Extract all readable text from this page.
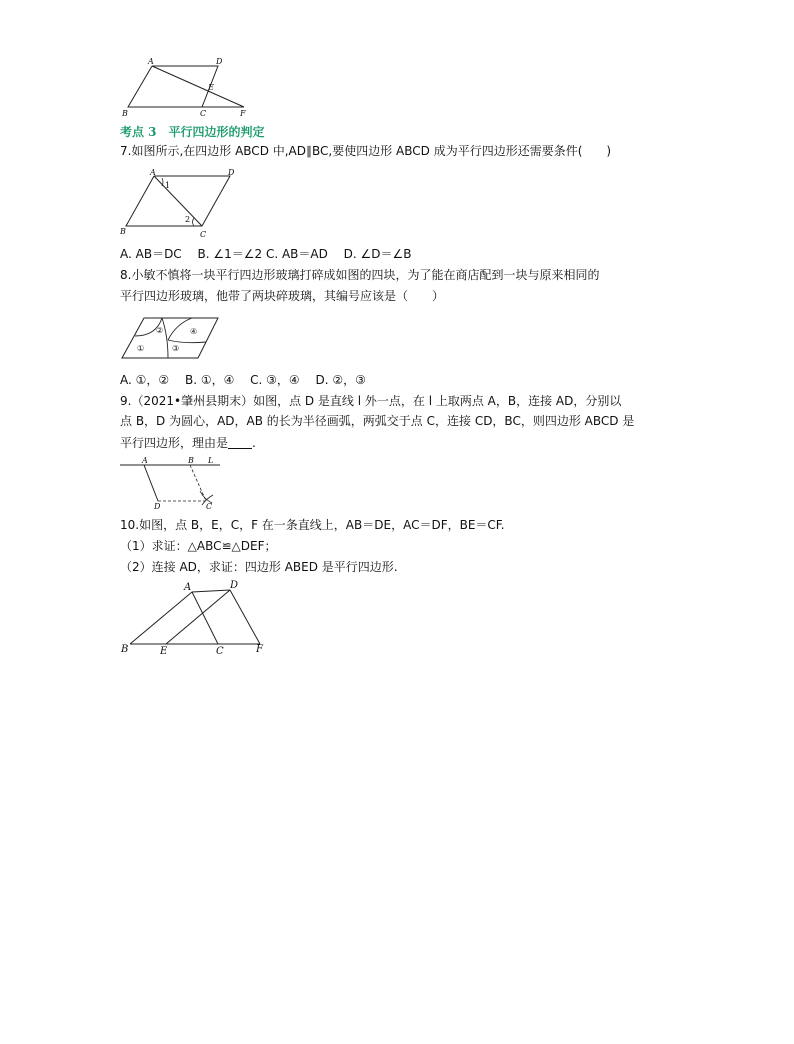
A	D
E
B	C	F
考点 3 平行四边形的判定
7.如图所示,在四边形 ABCD 中,AD∥BC,要使四边形 ABCD 成为平行四边形还需要条件(　　)
A	D
B	C
1
2
A. AB＝DC　 B. ∠1＝∠2 C. AB＝AD　 D. ∠D＝∠B
8.小敏不慎将一块平行四边形玻璃打碎成如图的四块，为了能在商店配到一块与原来相同的
平行四边形玻璃，他带了两块碎玻璃，其编号应该是（　　）
②	④
①	③
A. ①，②　 B. ①，④　 C. ③，④　 D. ②，③
9.（2021•肇州县期末）如图，点 D 是直线 l 外一点，在 l 上取两点 A，B，连接 AD，分别以
点 B，D 为圆心，AD，AB 的长为半径画弧，两弧交于点 C，连接 CD，BC，则四边形 ABCD 是
平行四边形，理由是 .
A	B L
D	C
10.如图，点 B，E，C，F 在一条直线上，AB＝DE，AC＝DF，BE＝CF.
（1）求证：△ABC≌△DEF；
（2）连接 AD，求证：四边形 ABED 是平行四边形.
A	D
B	E	C	F
